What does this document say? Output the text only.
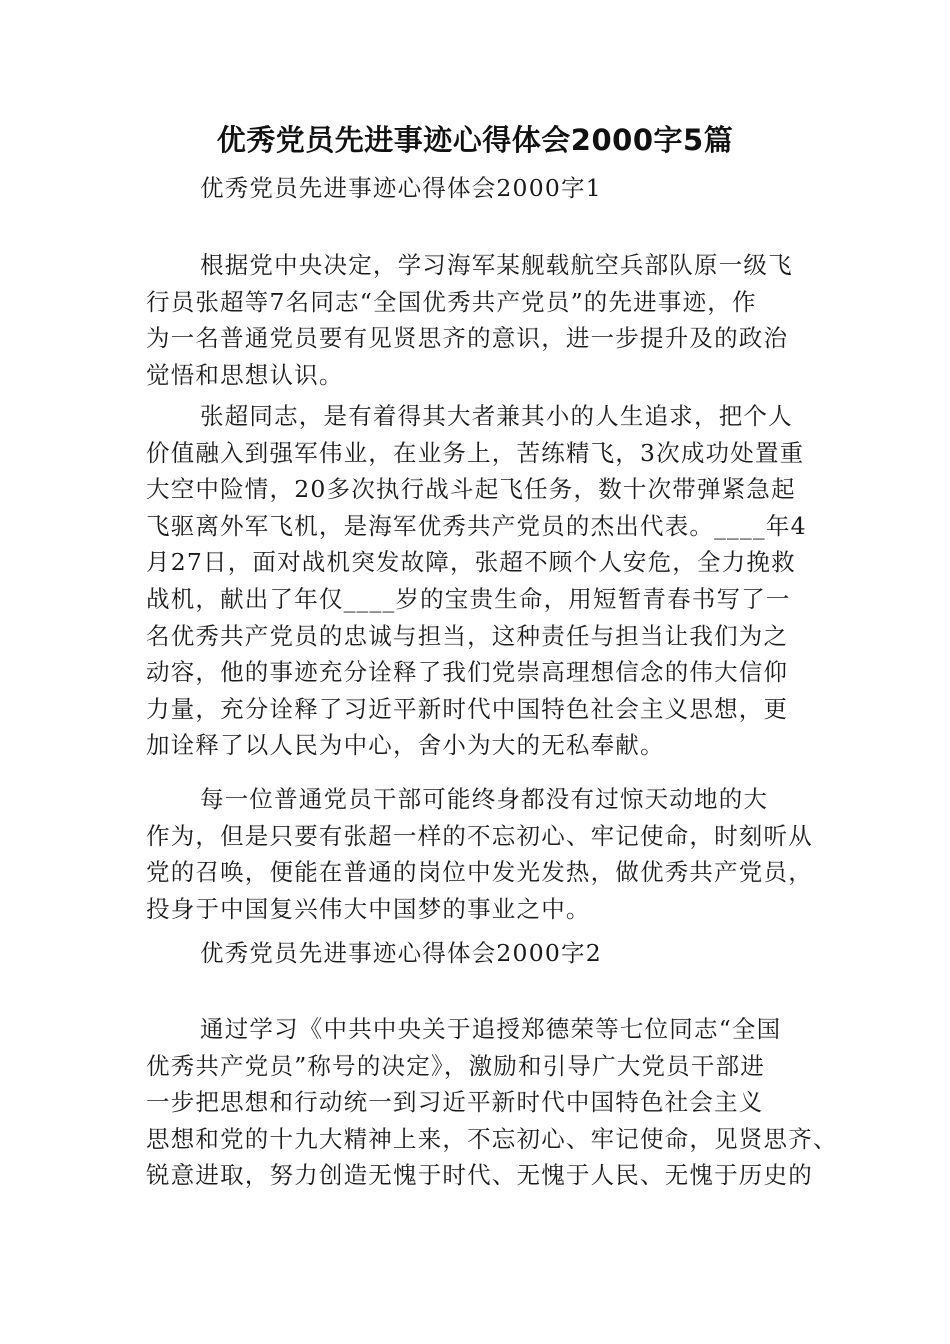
优秀党员先进事迹心得体会2000字5篇
优秀党员先进事迹心得体会2000字1
根据党中央决定，学习海军某舰载航空兵部队原一级飞
行员张超等7名同志“全国优秀共产党员”的先进事迹，作
为一名普通党员要有见贤思齐的意识，进一步提升及的政治
觉悟和思想认识。
张超同志，是有着得其大者兼其小的人生追求，把个人
价值融入到强军伟业，在业务上，苦练精飞，3次成功处置重
大空中险情，20多次执行战斗起飞任务，数十次带弹紧急起
飞驱离外军飞机，是海军优秀共产党员的杰出代表。____年4
月27日，面对战机突发故障，张超不顾个人安危，全力挽救
战机，献出了年仅____岁的宝贵生命，用短暂青春书写了一
名优秀共产党员的忠诚与担当，这种责任与担当让我们为之
动容，他的事迹充分诠释了我们党崇高理想信念的伟大信仰
力量，充分诠释了习近平新时代中国特色社会主义思想，更
加诠释了以人民为中心，舍小为大的无私奉献。
每一位普通党员干部可能终身都没有过惊天动地的大
作为，但是只要有张超一样的不忘初心、牢记使命，时刻听从
党的召唤，便能在普通的岗位中发光发热，做优秀共产党员，
投身于中国复兴伟大中国梦的事业之中。
优秀党员先进事迹心得体会2000字2
通过学习《中共中央关于追授郑德荣等七位同志“全国
优秀共产党员”称号的决定》，激励和引导广大党员干部进
一步把思想和行动统一到习近平新时代中国特色社会主义
思想和党的十九大精神上来，不忘初心、牢记使命，见贤思齐、
锐意进取，努力创造无愧于时代、无愧于人民、无愧于历史的
